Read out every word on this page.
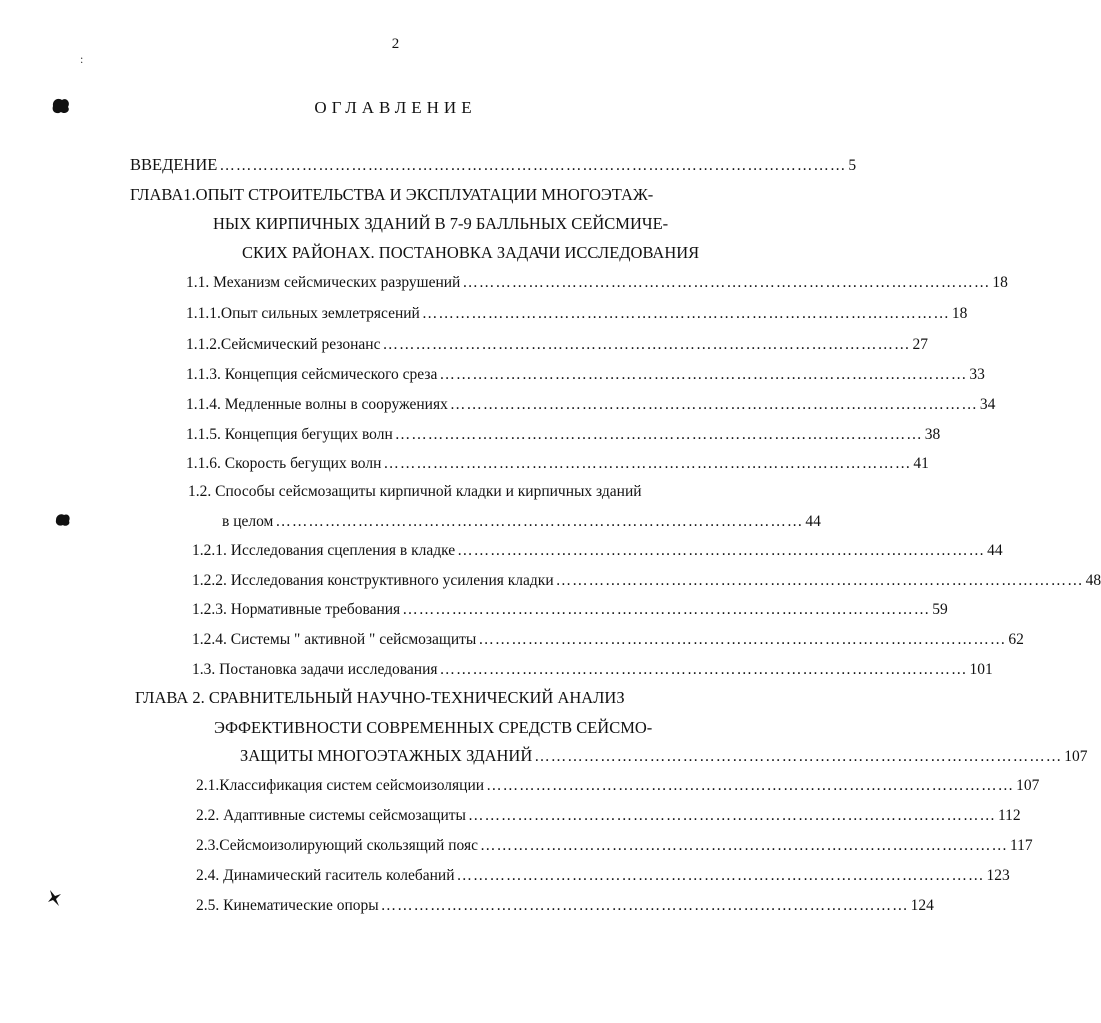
2
:
ОГЛАВЛЕНИЕ
ВВЕДЕНИЕ …………………………………………………………………………………………………… 5
ГЛАВА1.ОПЫТ СТРОИТЕЛЬСТВА И ЭКСПЛУАТАЦИИ МНОГОЭТАЖ-
НЫХ КИРПИЧНЫХ ЗДАНИЙ В 7-9 БАЛЛЬНЫХ СЕЙСМИЧЕ-
СКИХ РАЙОНАХ. ПОСТАНОВКА ЗАДАЧИ ИССЛЕДОВАНИЯ
1.1. Механизм сейсмических разрушений …………………………………………………………………………………… 18
1.1.1.Опыт сильных землетрясений …………………………………………………………………………………… 18
1.1.2.Сейсмический резонанс …………………………………………………………………………………… 27
1.1.3. Концепция сейсмического среза …………………………………………………………………………………… 33
1.1.4. Медленные волны в сооружениях …………………………………………………………………………………… 34
1.1.5. Концепция бегущих волн …………………………………………………………………………………… 38
1.1.6. Скорость бегущих волн …………………………………………………………………………………… 41
1.2. Способы сейсмозащиты кирпичной кладки и кирпичных зданий
в целом …………………………………………………………………………………… 44
1.2.1. Исследования сцепления в кладке …………………………………………………………………………………… 44
1.2.2. Исследования конструктивного усиления кладки …………………………………………………………………………………… 48
1.2.3. Нормативные требования …………………………………………………………………………………… 59
1.2.4. Системы " активной " сейсмозащиты …………………………………………………………………………………… 62
1.3. Постановка задачи исследования …………………………………………………………………………………… 101
ГЛАВА 2. СРАВНИТЕЛЬНЫЙ НАУЧНО-ТЕХНИЧЕСКИЙ АНАЛИЗ
ЭФФЕКТИВНОСТИ СОВРЕМЕННЫХ СРЕДСТВ СЕЙСМО-
ЗАЩИТЫ МНОГОЭТАЖНЫХ ЗДАНИЙ …………………………………………………………………………………… 107
2.1.Классификация систем сейсмоизоляции …………………………………………………………………………………… 107
2.2. Адаптивные системы сейсмозащиты …………………………………………………………………………………… 112
2.3.Сейсмоизолирующий скользящий пояс …………………………………………………………………………………… 117
2.4. Динамический гаситель колебаний …………………………………………………………………………………… 123
2.5. Кинематические опоры …………………………………………………………………………………… 124
